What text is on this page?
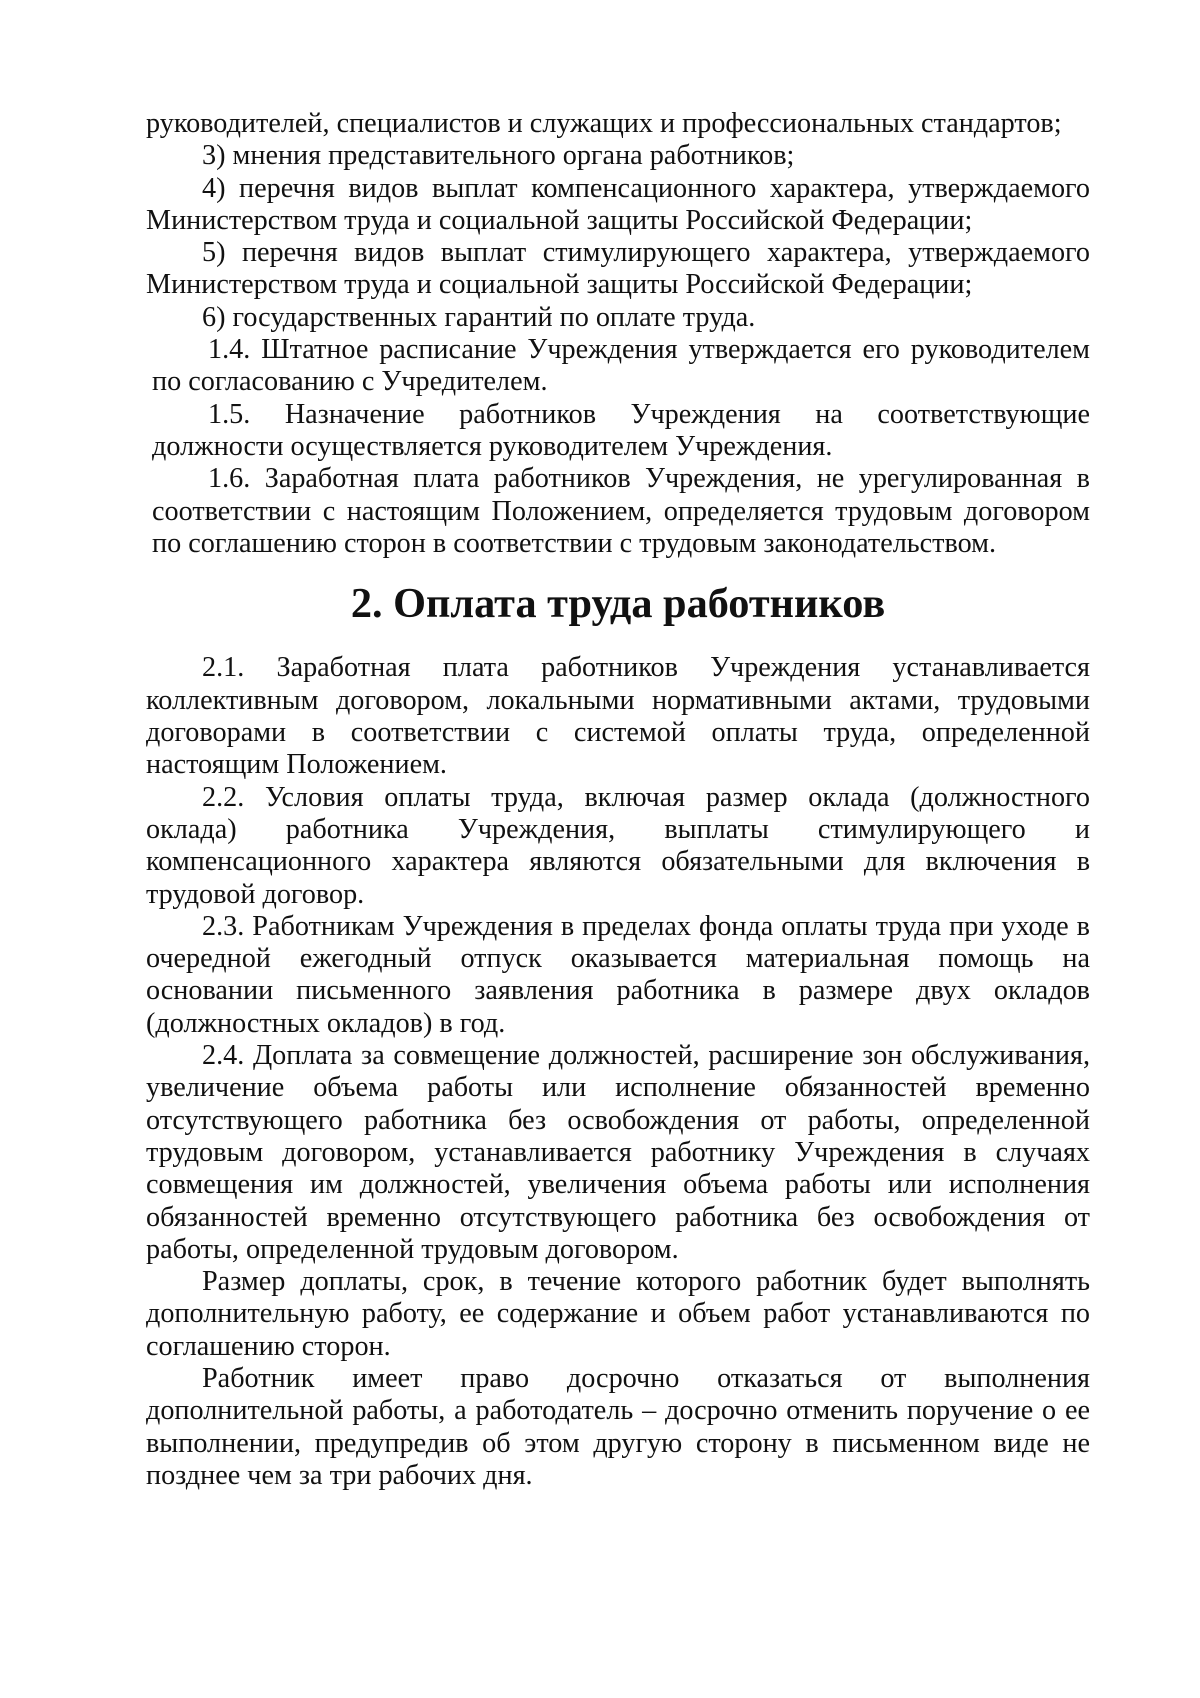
руководителей, специалистов и служащих и профессиональных стандартов;

3) мнения представительного органа работников;

4) перечня видов выплат компенсационного характера, утверждаемого Министерством труда и социальной защиты Российской Федерации;

5) перечня видов выплат стимулирующего характера, утверждаемого Министерством труда и социальной защиты Российской Федерации;

6) государственных гарантий по оплате труда.

1.4. Штатное расписание Учреждения утверждается его руководителем по согласованию с Учредителем.

1.5. Назначение работников Учреждения на соответствующие должности осуществляется руководителем Учреждения.

1.6. Заработная плата работников Учреждения, не урегулированная в соответствии с настоящим Положением, определяется трудовым договором по соглашению сторон в соответствии с трудовым законодательством.

2. Оплата труда работников

2.1. Заработная плата работников Учреждения устанавливается коллективным договором, локальными нормативными актами, трудовыми договорами в соответствии с системой оплаты труда, определенной настоящим Положением.

2.2. Условия оплаты труда, включая размер оклада (должностного оклада) работника Учреждения, выплаты стимулирующего и компенсационного характера являются обязательными для включения в трудовой договор.

2.3. Работникам Учреждения в пределах фонда оплаты труда при уходе в очередной ежегодный отпуск оказывается материальная помощь на основании письменного заявления работника в размере двух окладов (должностных окладов) в год.

2.4. Доплата за совмещение должностей, расширение зон обслуживания, увеличение объема работы или исполнение обязанностей временно отсутствующего работника без освобождения от работы, определенной трудовым договором, устанавливается работнику Учреждения в случаях совмещения им должностей, увеличения объема работы или исполнения обязанностей временно отсутствующего работника без освобождения от работы, определенной трудовым договором.

Размер доплаты, срок, в течение которого работник будет выполнять дополнительную работу, ее содержание и объем работ устанавливаются по соглашению сторон.

Работник имеет право досрочно отказаться от выполнения дополнительной работы, а работодатель – досрочно отменить поручение о ее выполнении, предупредив об этом другую сторону в письменном виде не позднее чем за три рабочих дня.
